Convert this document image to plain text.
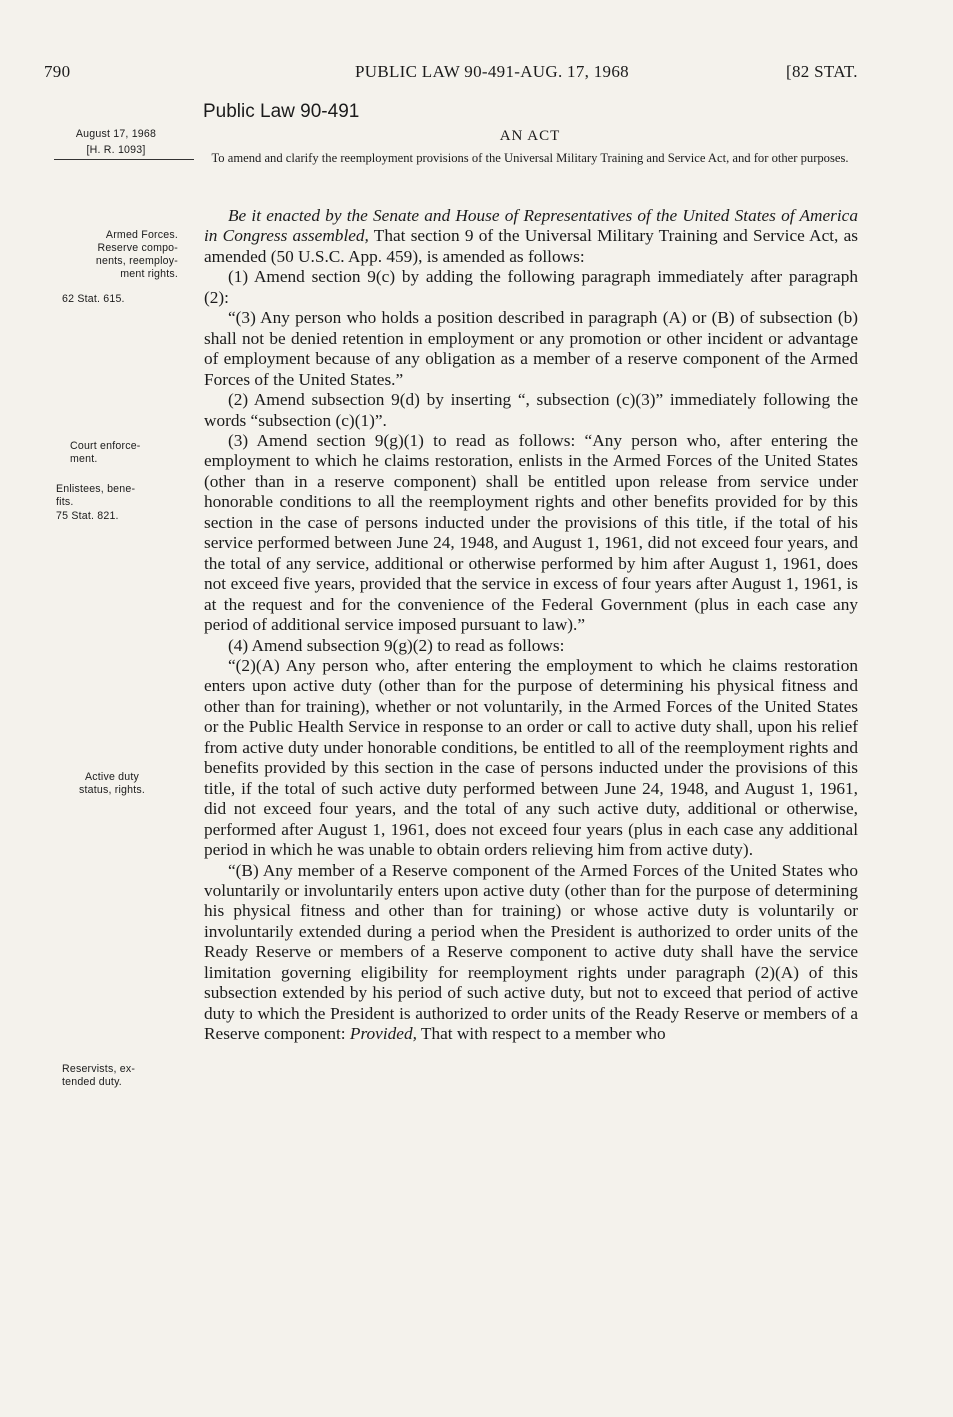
790	PUBLIC LAW 90-491-AUG. 17, 1968	[82 STAT.
Public Law 90-491
AN ACT
To amend and clarify the reemployment provisions of the Universal Military Training and Service Act, and for other purposes.
August 17, 1968
[H. R. 1093]
Armed Forces.
Reserve compo-
nents, reemploy-
ment rights.
62 Stat. 615.
Court enforce-
ment.
Enlistees, bene-
fits.
75 Stat. 821.
Active duty
status, rights.
Reservists, ex-
tended duty.

Be it enacted by the Senate and House of Representatives of the United States of America in Congress assembled, That section 9 of the Universal Military Training and Service Act, as amended (50 U.S.C. App. 459), is amended as follows:

(1) Amend section 9(c) by adding the following paragraph immediately after paragraph (2):

“(3) Any person who holds a position described in paragraph (A) or (B) of subsection (b) shall not be denied retention in employment or any promotion or other incident or advantage of employment because of any obligation as a member of a reserve component of the Armed Forces of the United States.”

(2) Amend subsection 9(d) by inserting “, subsection (c)(3)” immediately following the words “subsection (c)(1)”.

(3) Amend section 9(g)(1) to read as follows: “Any person who, after entering the employment to which he claims restoration, enlists in the Armed Forces of the United States (other than in a reserve component) shall be entitled upon release from service under honorable conditions to all the reemployment rights and other benefits provided for by this section in the case of persons inducted under the provisions of this title, if the total of his service performed between June 24, 1948, and August 1, 1961, did not exceed four years, and the total of any service, additional or otherwise performed by him after August 1, 1961, does not exceed five years, provided that the service in excess of four years after August 1, 1961, is at the request and for the convenience of the Federal Government (plus in each case any period of additional service imposed pursuant to law).”

(4) Amend subsection 9(g)(2) to read as follows:

“(2)(A) Any person who, after entering the employment to which he claims restoration enters upon active duty (other than for the purpose of determining his physical fitness and other than for training), whether or not voluntarily, in the Armed Forces of the United States or the Public Health Service in response to an order or call to active duty shall, upon his relief from active duty under honorable conditions, be entitled to all of the reemployment rights and benefits provided by this section in the case of persons inducted under the provisions of this title, if the total of such active duty performed between June 24, 1948, and August 1, 1961, did not exceed four years, and the total of any such active duty, additional or otherwise, performed after August 1, 1961, does not exceed four years (plus in each case any additional period in which he was unable to obtain orders relieving him from active duty).

“(B) Any member of a Reserve component of the Armed Forces of the United States who voluntarily or involuntarily enters upon active duty (other than for the purpose of determining his physical fitness and other than for training) or whose active duty is voluntarily or involuntarily extended during a period when the President is authorized to order units of the Ready Reserve or members of a Reserve component to active duty shall have the service limitation governing eligibility for reemployment rights under paragraph (2)(A) of this subsection extended by his period of such active duty, but not to exceed that period of active duty to which the President is authorized to order units of the Ready Reserve or members of a Reserve component: Provided, That with respect to a member who
